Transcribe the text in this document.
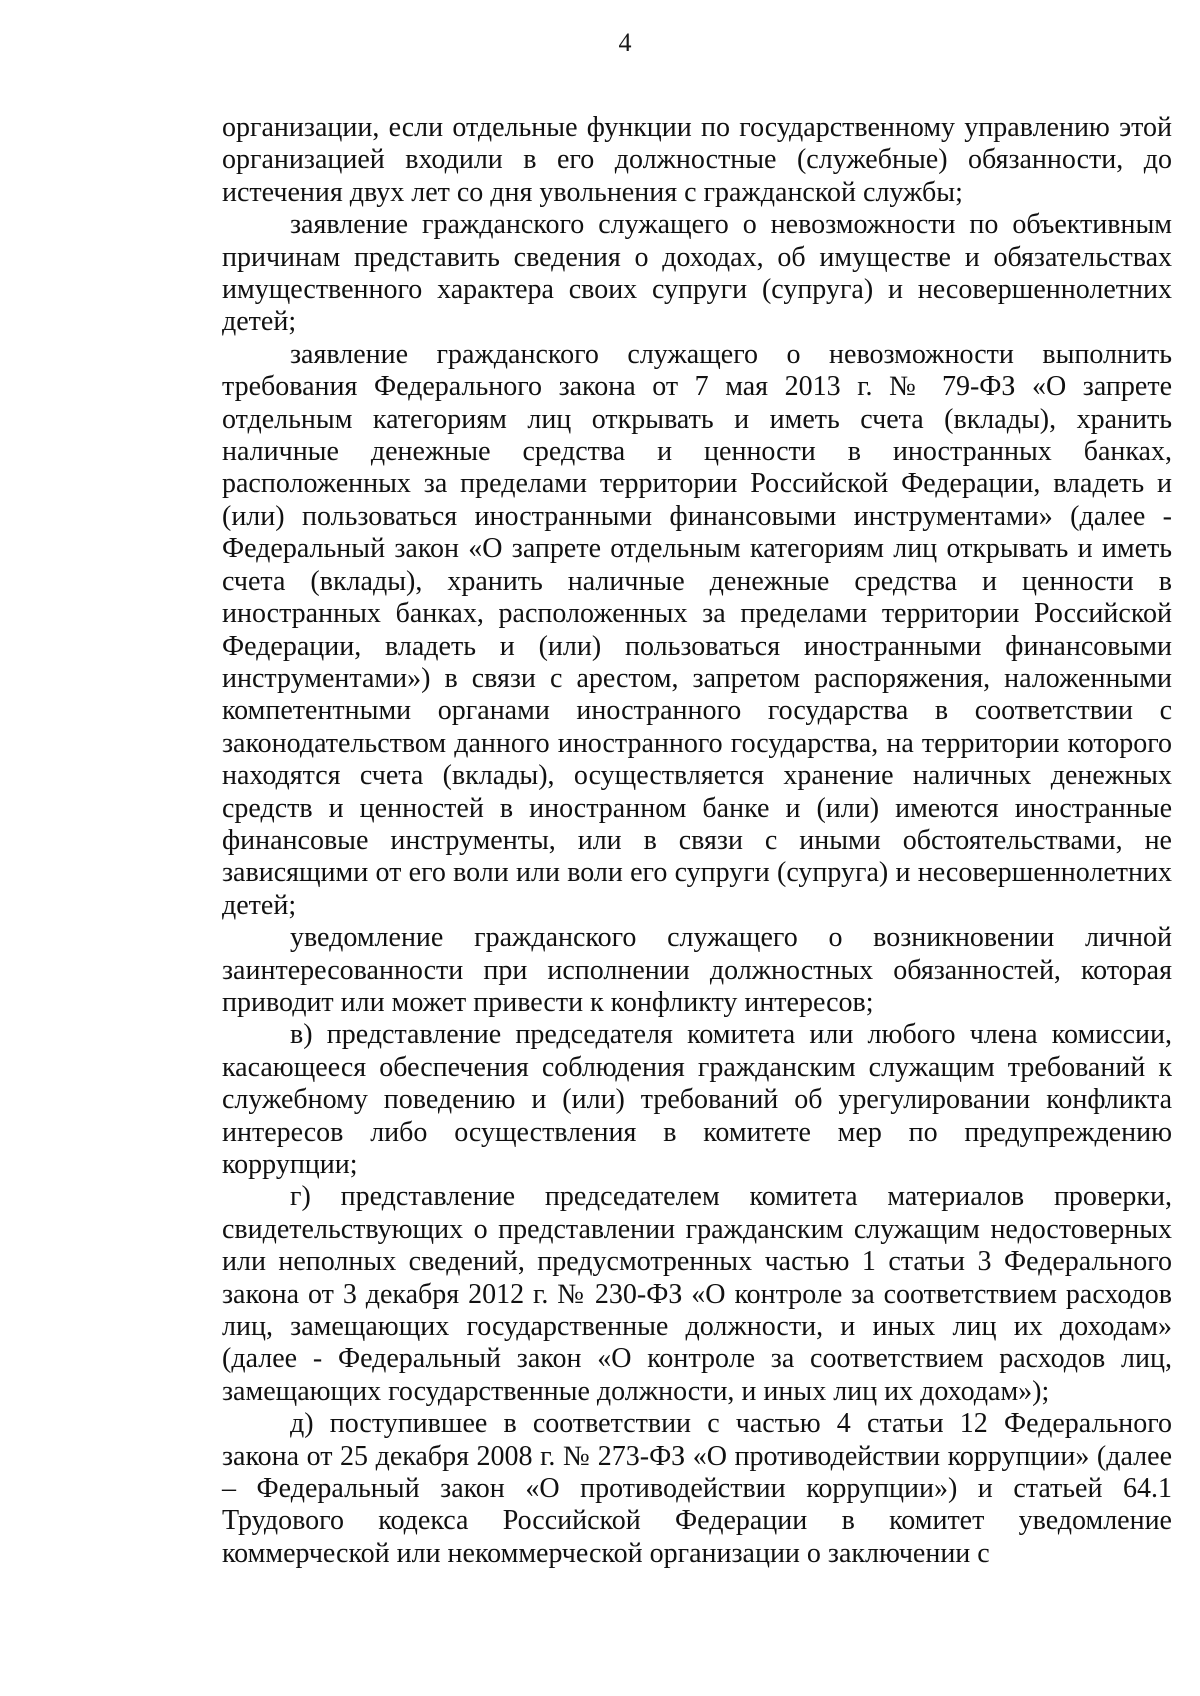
4

организации, если отдельные функции по государственному управлению этой организацией входили в его должностные (служебные) обязанности, до истечения двух лет со дня увольнения с гражданской службы;

заявление гражданского служащего о невозможности по объективным причинам представить сведения о доходах, об имуществе и обязательствах имущественного характера своих супруги (супруга) и несовершеннолетних детей;

заявление гражданского служащего о невозможности выполнить требования Федерального закона от 7 мая 2013 г. № 79-ФЗ «О запрете отдельным категориям лиц открывать и иметь счета (вклады), хранить наличные денежные средства и ценности в иностранных банках, расположенных за пределами территории Российской Федерации, владеть и (или) пользоваться иностранными финансовыми инструментами» (далее - Федеральный закон «О запрете отдельным категориям лиц открывать и иметь счета (вклады), хранить наличные денежные средства и ценности в иностранных банках, расположенных за пределами территории Российской Федерации, владеть и (или) пользоваться иностранными финансовыми инструментами») в связи с арестом, запретом распоряжения, наложенными компетентными органами иностранного государства в соответствии с законодательством данного иностранного государства, на территории которого находятся счета (вклады), осуществляется хранение наличных денежных средств и ценностей в иностранном банке и (или) имеются иностранные финансовые инструменты, или в связи с иными обстоятельствами, не зависящими от его воли или воли его супруги (супруга) и несовершеннолетних детей;

уведомление гражданского служащего о возникновении личной заинтересованности при исполнении должностных обязанностей, которая приводит или может привести к конфликту интересов;

в) представление председателя комитета или любого члена комиссии, касающееся обеспечения соблюдения гражданским служащим требований к служебному поведению и (или) требований об урегулировании конфликта интересов либо осуществления в комитете мер по предупреждению коррупции;

г) представление председателем комитета материалов проверки, свидетельствующих о представлении гражданским служащим недостоверных или неполных сведений, предусмотренных частью 1 статьи 3 Федерального закона от 3 декабря 2012 г. № 230-ФЗ «О контроле за соответствием расходов лиц, замещающих государственные должности, и иных лиц их доходам» (далее - Федеральный закон «О контроле за соответствием расходов лиц, замещающих государственные должности, и иных лиц их доходам»);

д) поступившее в соответствии с частью 4 статьи 12 Федерального закона от 25 декабря 2008 г. № 273-ФЗ «О противодействии коррупции» (далее – Федеральный закон «О противодействии коррупции») и статьей 64.1 Трудового кодекса Российской Федерации в комитет уведомление коммерческой или некоммерческой организации о заключении с
